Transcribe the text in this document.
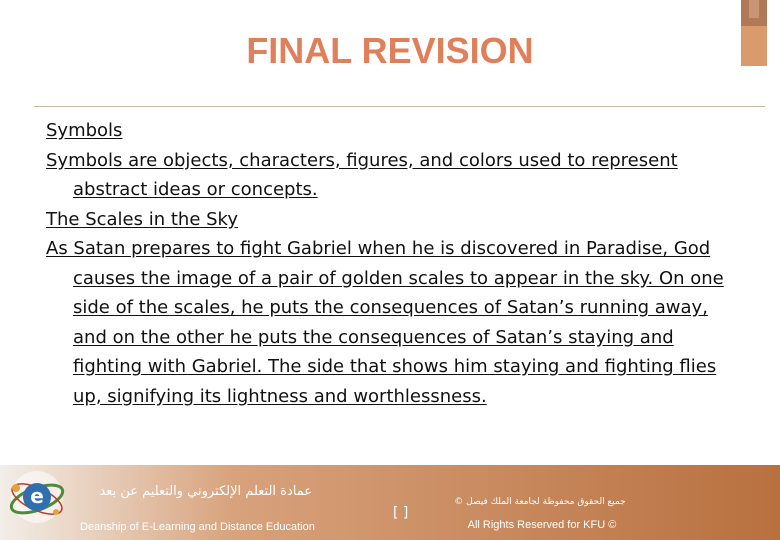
FINAL REVISION

Symbols

Symbols are objects, characters, figures, and colors used to represent abstract ideas or concepts.

The Scales in the Sky

As Satan prepares to fight Gabriel when he is discovered in Paradise, God causes the image of a pair of golden scales to appear in the sky. On one side of the scales, he puts the consequences of Satan’s running away, and on the other he puts the consequences of Satan’s staying and fighting with Gabriel. The side that shows him staying and fighting flies up, signifying its lightness and worthlessness.

e	عمادة التعلم الإلكتروني والتعليم عن بعد
Deanship of E-Learning and Distance Education
[ ]
جميع الحقوق محفوظة لجامعة الملك فيصل ©
All Rights Reserved for KFU ©
